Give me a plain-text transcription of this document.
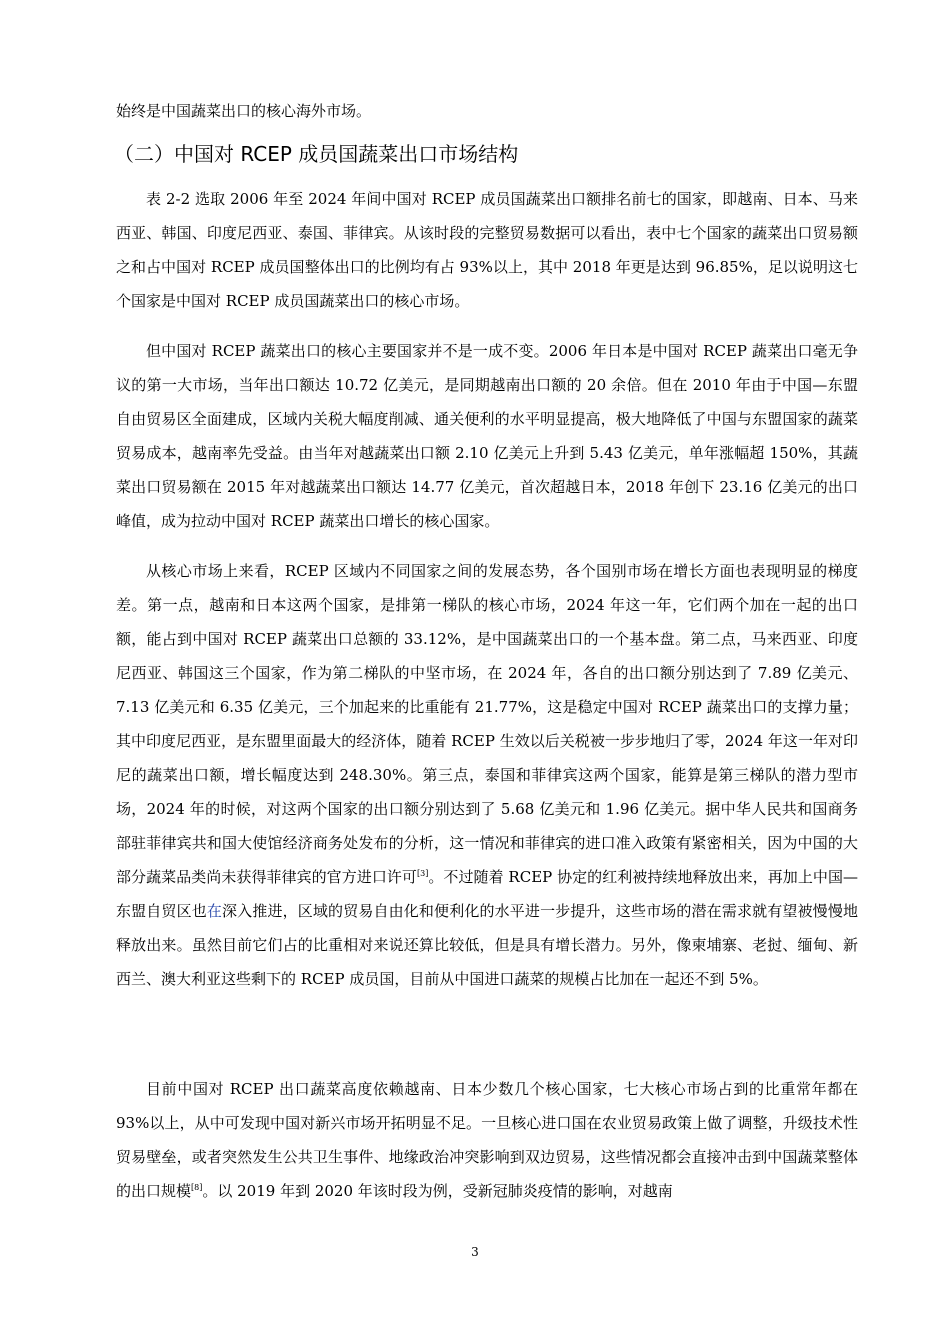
始终是中国蔬菜出口的核心海外市场。

（二）中国对 RCEP 成员国蔬菜出口市场结构

表 2-2 选取 2006 年至 2024 年间中国对 RCEP 成员国蔬菜出口额排名前七的国家，即越南、日本、马来西亚、韩国、印度尼西亚、泰国、菲律宾。从该时段的完整贸易数据可以看出，表中七个国家的蔬菜出口贸易额之和占中国对 RCEP 成员国整体出口的比例均有占 93%以上，其中 2018 年更是达到 96.85%，足以说明这七个国家是中国对 RCEP 成员国蔬菜出口的核心市场。

但中国对 RCEP 蔬菜出口的核心主要国家并不是一成不变。2006 年日本是中国对 RCEP 蔬菜出口毫无争议的第一大市场，当年出口额达 10.72 亿美元，是同期越南出口额的 20 余倍。但在 2010 年由于中国—东盟自由贸易区全面建成，区域内关税大幅度削减、通关便利的水平明显提高，极大地降低了中国与东盟国家的蔬菜贸易成本，越南率先受益。由当年对越蔬菜出口额 2.10 亿美元上升到 5.43 亿美元，单年涨幅超 150%，其蔬菜出口贸易额在 2015 年对越蔬菜出口额达 14.77 亿美元，首次超越日本，2018 年创下 23.16 亿美元的出口峰值，成为拉动中国对 RCEP 蔬菜出口增长的核心国家。

从核心市场上来看，RCEP 区域内不同国家之间的发展态势，各个国别市场在增长方面也表现明显的梯度差。第一点，越南和日本这两个国家，是排第一梯队的核心市场，2024 年这一年，它们两个加在一起的出口额，能占到中国对 RCEP 蔬菜出口总额的 33.12%，是中国蔬菜出口的一个基本盘。第二点，马来西亚、印度尼西亚、韩国这三个国家，作为第二梯队的中坚市场，在 2024 年，各自的出口额分别达到了 7.89 亿美元、7.13 亿美元和 6.35 亿美元，三个加起来的比重能有 21.77%，这是稳定中国对 RCEP 蔬菜出口的支撑力量；其中印度尼西亚，是东盟里面最大的经济体，随着 RCEP 生效以后关税被一步步地归了零，2024 年这一年对印尼的蔬菜出口额，增长幅度达到 248.30%。第三点，泰国和菲律宾这两个国家，能算是第三梯队的潜力型市场，2024 年的时候，对这两个国家的出口额分别达到了 5.68 亿美元和 1.96 亿美元。据中华人民共和国商务部驻菲律宾共和国大使馆经济商务处发布的分析，这一情况和菲律宾的进口准入政策有紧密相关，因为中国的大部分蔬菜品类尚未获得菲律宾的官方进口许可[3]。不过随着 RCEP 协定的红利被持续地释放出来，再加上中国—东盟自贸区也在深入推进，区域的贸易自由化和便利化的水平进一步提升，这些市场的潜在需求就有望被慢慢地释放出来。虽然目前它们占的比重相对来说还算比较低，但是具有增长潜力。另外，像柬埔寨、老挝、缅甸、新西兰、澳大利亚这些剩下的 RCEP 成员国，目前从中国进口蔬菜的规模占比加在一起还不到 5%。

目前中国对 RCEP 出口蔬菜高度依赖越南、日本少数几个核心国家，七大核心市场占到的比重常年都在 93%以上，从中可发现中国对新兴市场开拓明显不足。一旦核心进口国在农业贸易政策上做了调整，升级技术性贸易壁垒，或者突然发生公共卫生事件、地缘政治冲突影响到双边贸易，这些情况都会直接冲击到中国蔬菜整体的出口规模[8]。以 2019 年到 2020 年该时段为例，受新冠肺炎疫情的影响，对越南

3
